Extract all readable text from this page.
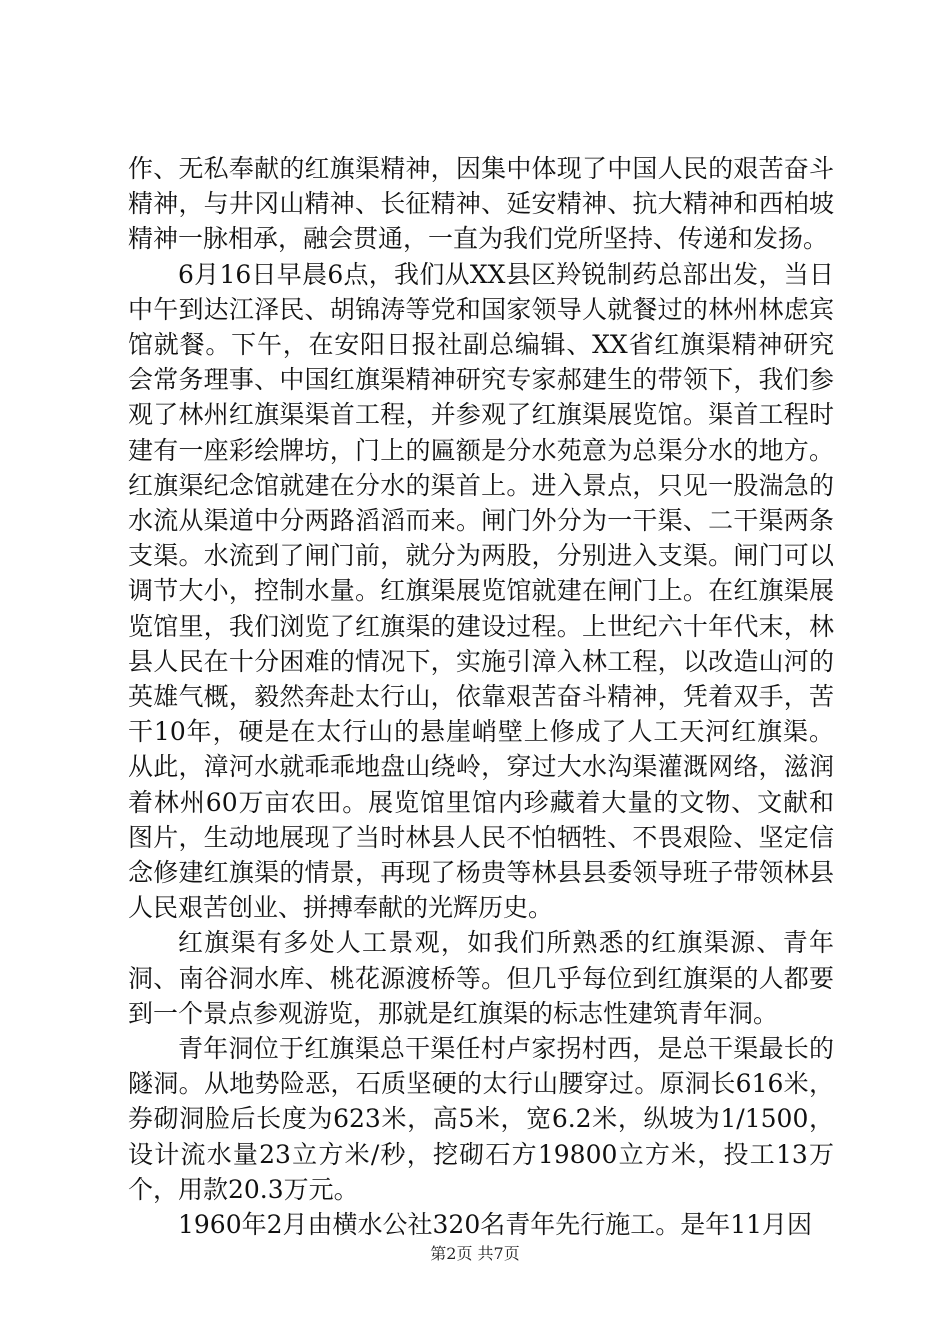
作、无私奉献的红旗渠精神，因集中体现了中国人民的艰苦奋斗精神，与井冈山精神、长征精神、延安精神、抗大精神和西柏坡精神一脉相承，融会贯通，一直为我们党所坚持、传递和发扬。

6月16日早晨6点，我们从XX县区羚锐制药总部出发，当日中午到达江泽民、胡锦涛等党和国家领导人就餐过的林州林虑宾馆就餐。下午，在安阳日报社副总编辑、XX省红旗渠精神研究会常务理事、中国红旗渠精神研究专家郝建生的带领下，我们参观了林州红旗渠渠首工程，并参观了红旗渠展览馆。渠首工程时建有一座彩绘牌坊，门上的匾额是分水苑意为总渠分水的地方。红旗渠纪念馆就建在分水的渠首上。进入景点，只见一股湍急的水流从渠道中分两路滔滔而来。闸门外分为一干渠、二干渠两条支渠。水流到了闸门前，就分为两股，分别进入支渠。闸门可以调节大小，控制水量。红旗渠展览馆就建在闸门上。在红旗渠展览馆里，我们浏览了红旗渠的建设过程。上世纪六十年代末，林县人民在十分困难的情况下，实施引漳入林工程，以改造山河的英雄气概，毅然奔赴太行山，依靠艰苦奋斗精神，凭着双手，苦干10年，硬是在太行山的悬崖峭壁上修成了人工天河红旗渠。从此，漳河水就乖乖地盘山绕岭，穿过大水沟渠灌溉网络，滋润着林州60万亩农田。展览馆里馆内珍藏着大量的文物、文献和图片，生动地展现了当时林县人民不怕牺牲、不畏艰险、坚定信念修建红旗渠的情景，再现了杨贵等林县县委领导班子带领林县人民艰苦创业、拼搏奉献的光辉历史。

红旗渠有多处人工景观，如我们所熟悉的红旗渠源、青年洞、南谷洞水库、桃花源渡桥等。但几乎每位到红旗渠的人都要到一个景点参观游览，那就是红旗渠的标志性建筑青年洞。

青年洞位于红旗渠总干渠任村卢家拐村西，是总干渠最长的隧洞。从地势险恶，石质坚硬的太行山腰穿过。原洞长616米，券砌洞脸后长度为623米，高5米，宽6.2米，纵坡为1/1500，设计流水量23立方米/秒，挖砌石方19800立方米，投工13万个，用款20.3万元。

1960年2月由横水公社320名青年先行施工。是年11月因

第2页 共7页
